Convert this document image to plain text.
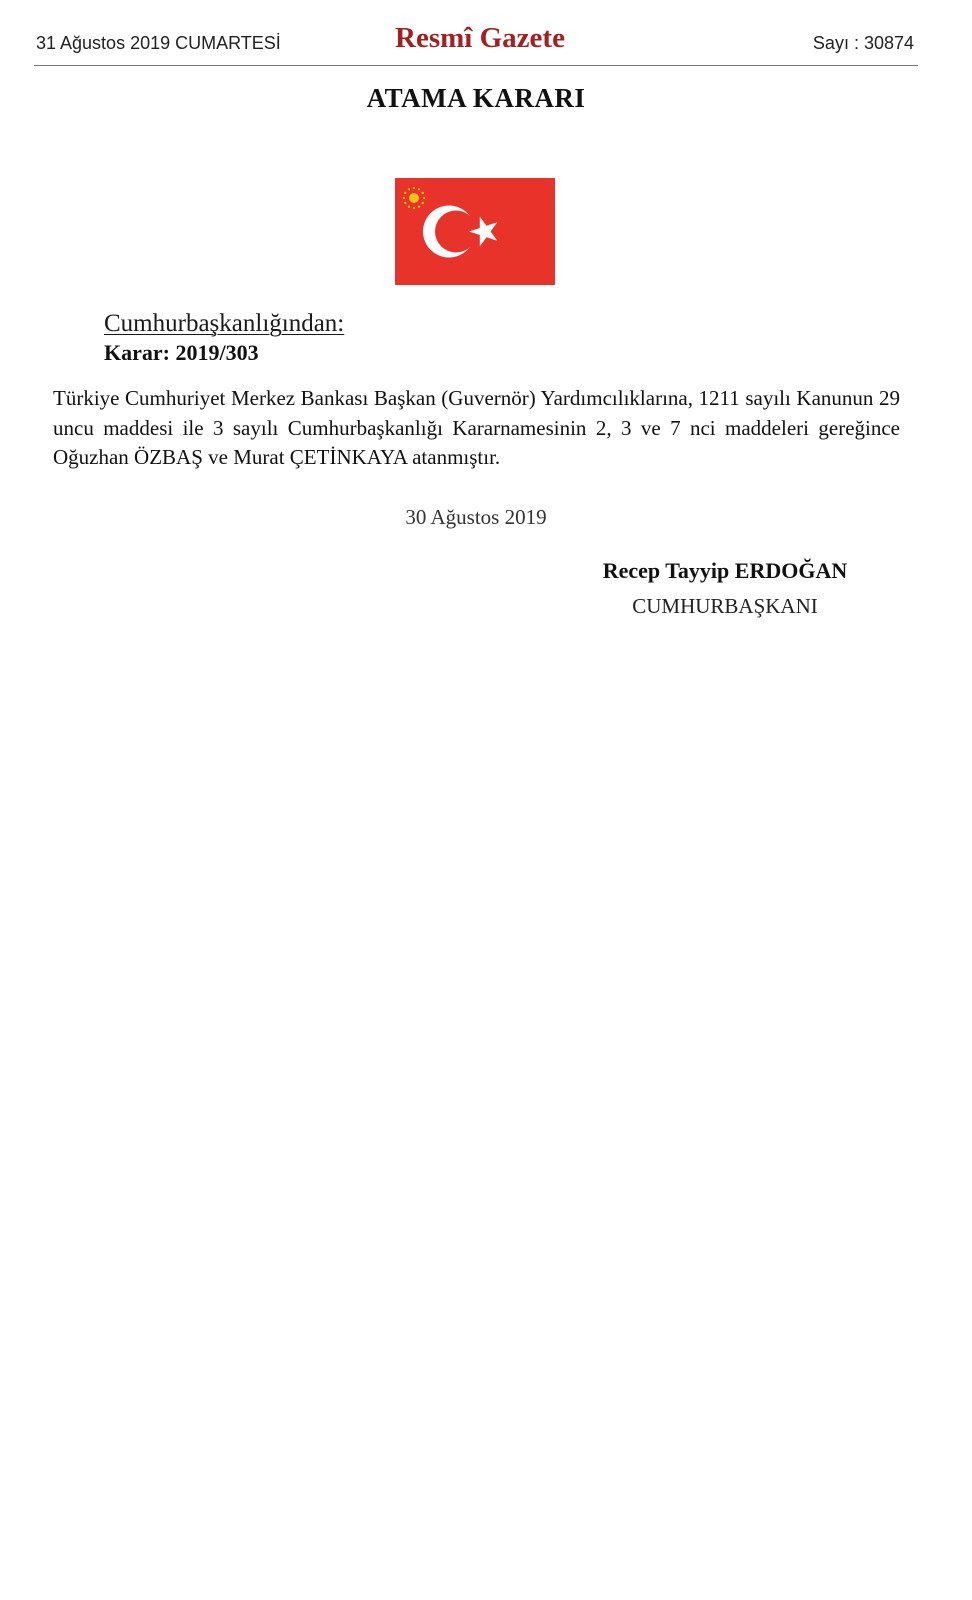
31 Ağustos 2019 CUMARTESİ	Resmî Gazete	Sayı : 30874
ATAMA KARARI
Cumhurbaşkanlığından:
Karar: 2019/303
Türkiye Cumhuriyet Merkez Bankası Başkan (Guvernör) Yardımcılıklarına, 1211 sayılı Kanunun 29 uncu maddesi ile 3 sayılı Cumhurbaşkanlığı Kararnamesinin 2, 3 ve 7 nci maddeleri gereğince Oğuzhan ÖZBAŞ ve Murat ÇETİNKAYA atanmıştır.
30 Ağustos 2019
Recep Tayyip ERDOĞAN
CUMHURBAŞKANI
